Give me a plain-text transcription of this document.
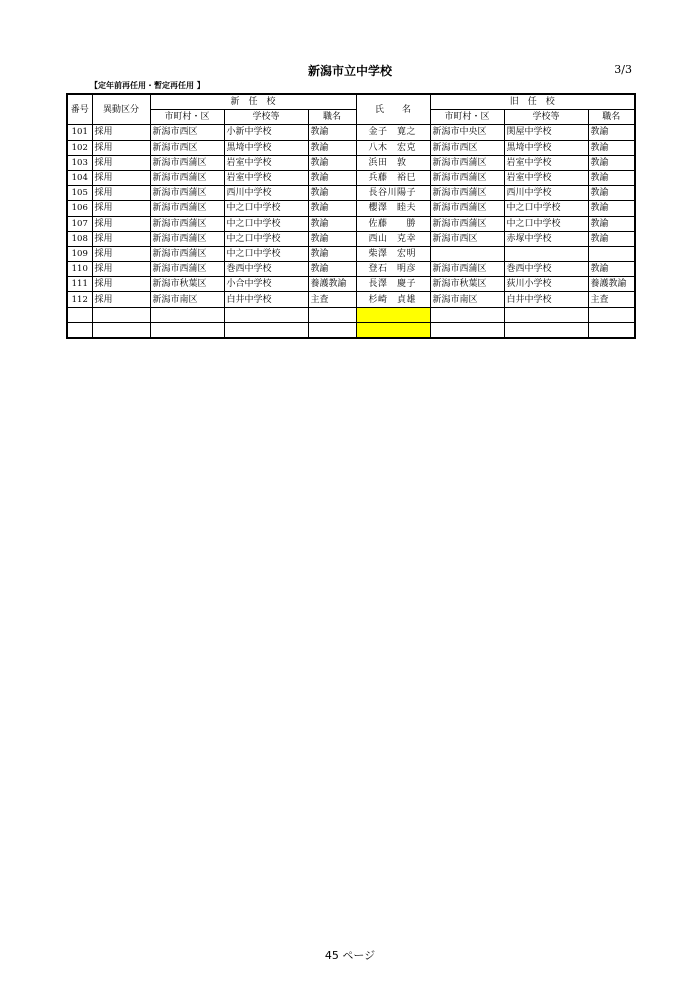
新潟市立中学校	3/3
【定年前再任用・暫定再任用 】
番号	異動区分	新　任　校			氏　　名	旧　任　校		
		市町村・区	学校等	職名		市町村・区	学校等	職名
101	採用	新潟市西区	小新中学校	教諭	金子　寛之	新潟市中央区	関屋中学校	教諭
102	採用	新潟市西区	黒埼中学校	教諭	八木　宏克	新潟市西区	黒埼中学校	教諭
103	採用	新潟市西蒲区	岩室中学校	教諭	浜田　敦	新潟市西蒲区	岩室中学校	教諭
104	採用	新潟市西蒲区	岩室中学校	教諭	兵藤　裕巳	新潟市西蒲区	岩室中学校	教諭
105	採用	新潟市西蒲区	西川中学校	教諭	長谷川陽子	新潟市西蒲区	西川中学校	教諭
106	採用	新潟市西蒲区	中之口中学校	教諭	櫻澤　睦夫	新潟市西蒲区	中之口中学校	教諭
107	採用	新潟市西蒲区	中之口中学校	教諭	佐藤　　勝	新潟市西蒲区	中之口中学校	教諭
108	採用	新潟市西蒲区	中之口中学校	教諭	西山　克幸	新潟市西区	赤塚中学校	教諭
109	採用	新潟市西蒲区	中之口中学校	教諭	柴澤　宏明			
110	採用	新潟市西蒲区	巻西中学校	教諭	登石　明彦	新潟市西蒲区	巻西中学校	教諭
111	採用	新潟市秋葉区	小合中学校	養護教諭	長澤　慶子	新潟市秋葉区	荻川小学校	養護教諭
112	採用	新潟市南区	白井中学校	主査	杉崎　貞雄	新潟市南区	白井中学校	主査

45 ページ
